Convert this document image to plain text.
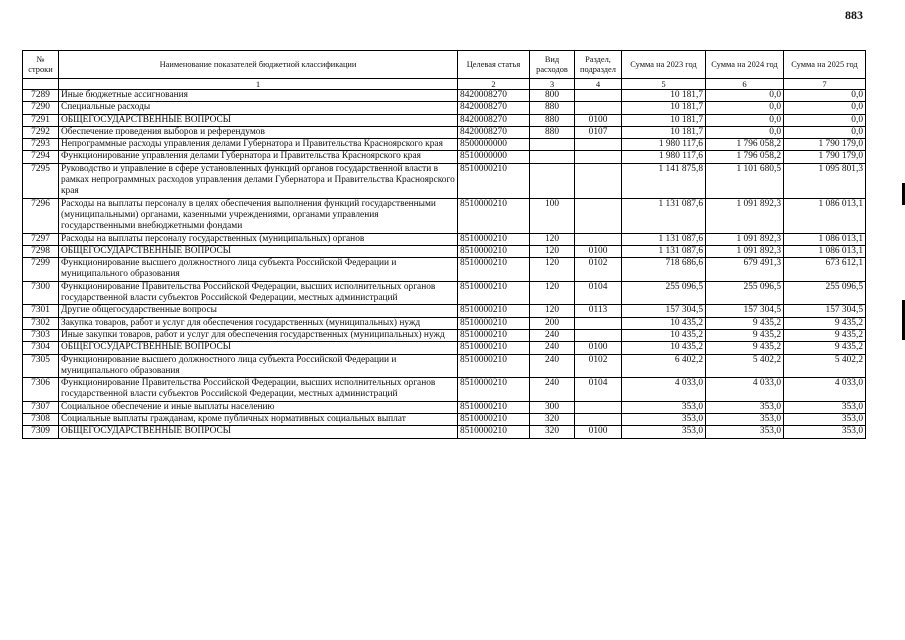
883
№ строки	Наименование показателей бюджетной классификации	Целевая статья	Вид расходов	Раздел, подраздел	Сумма на 2023 год	Сумма на 2024 год	Сумма на 2025 год
	1	2	3	4	5	6	7
7289	Иные бюджетные ассигнования	8420008270	800		10 181,7	0,0	0,0
7290	Специальные расходы	8420008270	880		10 181,7	0,0	0,0
7291	ОБЩЕГОСУДАРСТВЕННЫЕ ВОПРОСЫ	8420008270	880	0100	10 181,7	0,0	0,0
7292	Обеспечение проведения выборов и референдумов	8420008270	880	0107	10 181,7	0,0	0,0
7293	Непрограммные расходы управления делами Губернатора и Правительства Красноярского края	8500000000			1 980 117,6	1 796 058,2	1 790 179,0
7294	Функционирование управления делами Губернатора и Правительства Красноярского края	8510000000			1 980 117,6	1 796 058,2	1 790 179,0
7295	Руководство и управление в сфере установленных функций органов государственной власти в рамках непрограммных расходов управления делами Губернатора и Правительства Красноярского края	8510000210			1 141 875,8	1 101 680,5	1 095 801,3
7296	Расходы на выплаты персоналу в целях обеспечения выполнения функций государственными (муниципальными) органами, казенными учреждениями, органами управления государственными внебюджетными фондами	8510000210	100		1 131 087,6	1 091 892,3	1 086 013,1
7297	Расходы на выплаты персоналу государственных (муниципальных) органов	8510000210	120		1 131 087,6	1 091 892,3	1 086 013,1
7298	ОБЩЕГОСУДАРСТВЕННЫЕ ВОПРОСЫ	8510000210	120	0100	1 131 087,6	1 091 892,3	1 086 013,1
7299	Функционирование высшего должностного лица субъекта Российской Федерации и муниципального образования	8510000210	120	0102	718 686,6	679 491,3	673 612,1
7300	Функционирование Правительства Российской Федерации, высших исполнительных органов государственной власти субъектов Российской Федерации, местных администраций	8510000210	120	0104	255 096,5	255 096,5	255 096,5
7301	Другие общегосударственные вопросы	8510000210	120	0113	157 304,5	157 304,5	157 304,5
7302	Закупка товаров, работ и услуг для обеспечения государственных (муниципальных) нужд	8510000210	200		10 435,2	9 435,2	9 435,2
7303	Иные закупки товаров, работ и услуг для обеспечения государственных (муниципальных) нужд	8510000210	240		10 435,2	9 435,2	9 435,2
7304	ОБЩЕГОСУДАРСТВЕННЫЕ ВОПРОСЫ	8510000210	240	0100	10 435,2	9 435,2	9 435,2
7305	Функционирование высшего должностного лица субъекта Российской Федерации и муниципального образования	8510000210	240	0102	6 402,2	5 402,2	5 402,2
7306	Функционирование Правительства Российской Федерации, высших исполнительных органов государственной власти субъектов Российской Федерации, местных администраций	8510000210	240	0104	4 033,0	4 033,0	4 033,0
7307	Социальное обеспечение и иные выплаты населению	8510000210	300		353,0	353,0	353,0
7308	Социальные выплаты гражданам, кроме публичных нормативных социальных выплат	8510000210	320		353,0	353,0	353,0
7309	ОБЩЕГОСУДАРСТВЕННЫЕ ВОПРОСЫ	8510000210	320	0100	353,0	353,0	353,0
